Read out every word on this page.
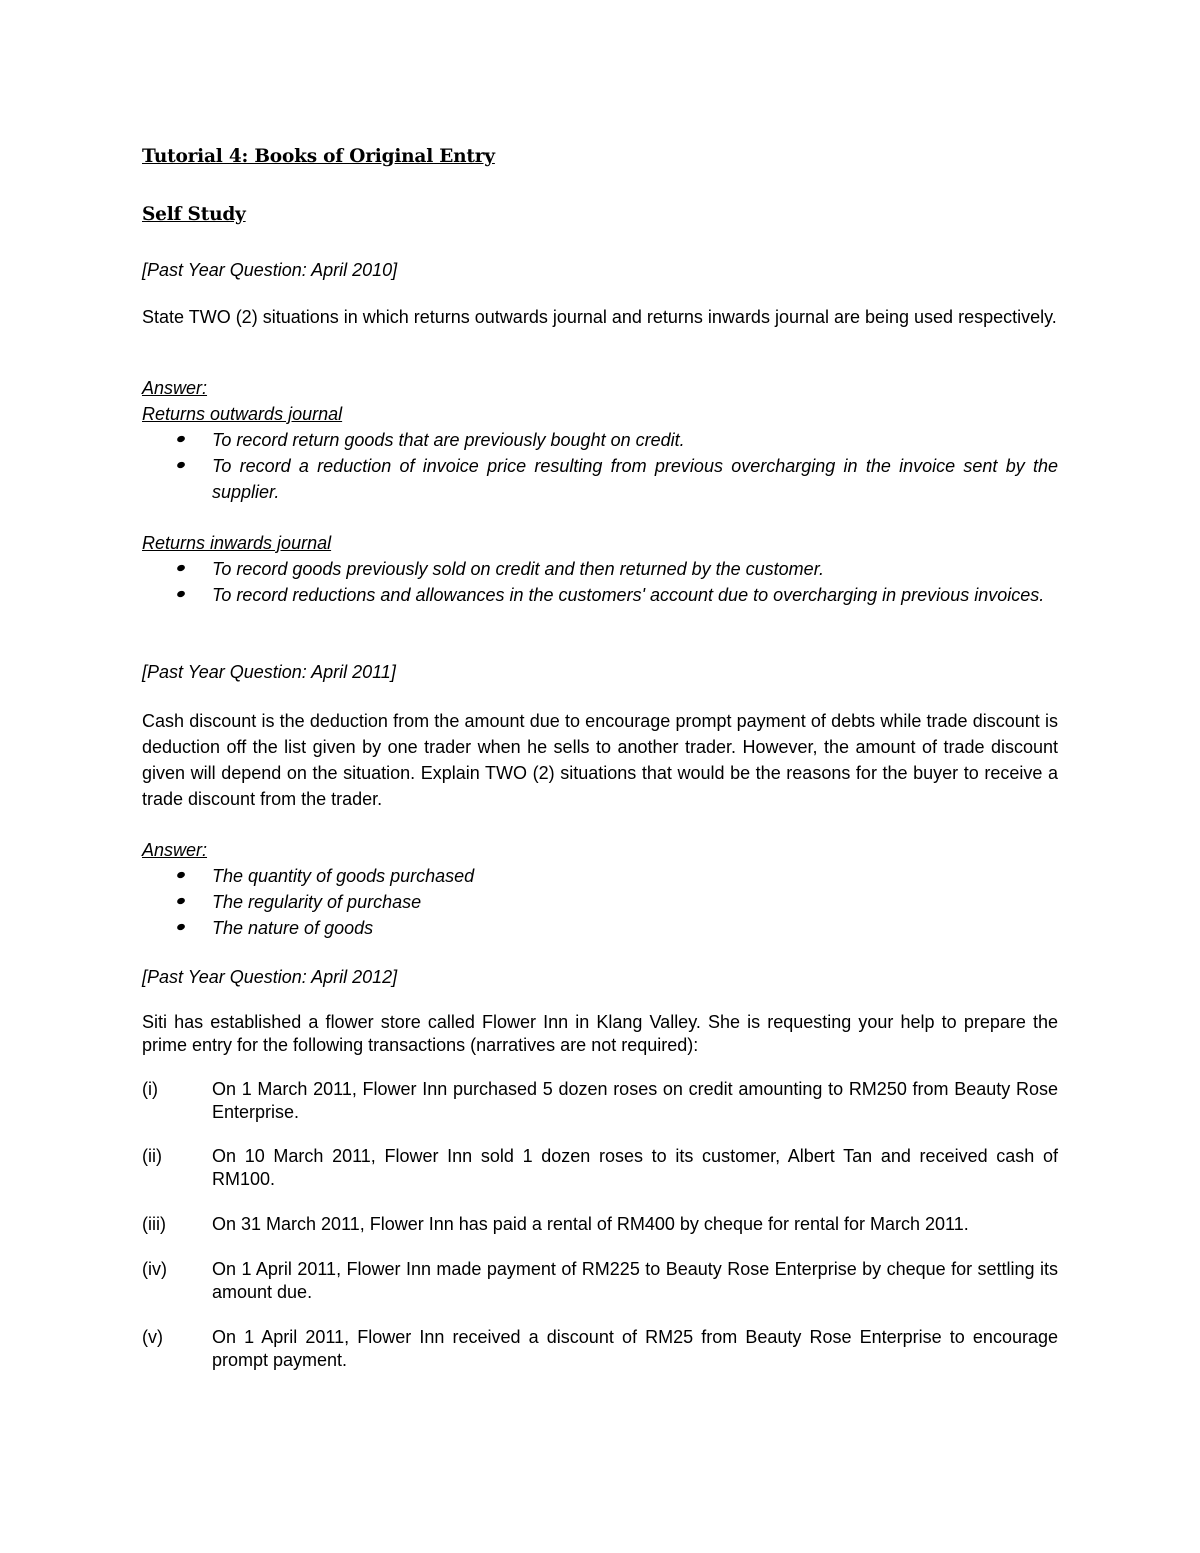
Tutorial 4: Books of Original Entry

Self Study

[Past Year Question: April 2010]

State TWO (2) situations in which returns outwards journal and returns inwards journal are being used respectively.

Answer:

Returns outwards journal

To record return goods that are previously bought on credit.
To record a reduction of invoice price resulting from previous overcharging in the invoice sent by the supplier.

Returns inwards journal

To record goods previously sold on credit and then returned by the customer.
To record reductions and allowances in the customers' account due to overcharging in previous invoices.

[Past Year Question: April 2011]

Cash discount is the deduction from the amount due to encourage prompt payment of debts while trade discount is deduction off the list given by one trader when he sells to another trader. However, the amount of trade discount given will depend on the situation. Explain TWO (2) situations that would be the reasons for the buyer to receive a trade discount from the trader.

Answer:

The quantity of goods purchased
The regularity of purchase
The nature of goods

[Past Year Question: April 2012]

Siti has established a flower store called Flower Inn in Klang Valley. She is requesting your help to prepare the prime entry for the following transactions (narratives are not required):

(i)	On 1 March 2011, Flower Inn purchased 5 dozen roses on credit amounting to RM250 from Beauty Rose Enterprise.

(ii)	On 10 March 2011, Flower Inn sold 1 dozen roses to its customer, Albert Tan and received cash of RM100.

(iii)	On 31 March 2011, Flower Inn has paid a rental of RM400 by cheque for rental for March 2011.

(iv)	On 1 April 2011, Flower Inn made payment of RM225 to Beauty Rose Enterprise by cheque for settling its amount due.

(v)	On 1 April 2011, Flower Inn received a discount of RM25 from Beauty Rose Enterprise to encourage prompt payment.
